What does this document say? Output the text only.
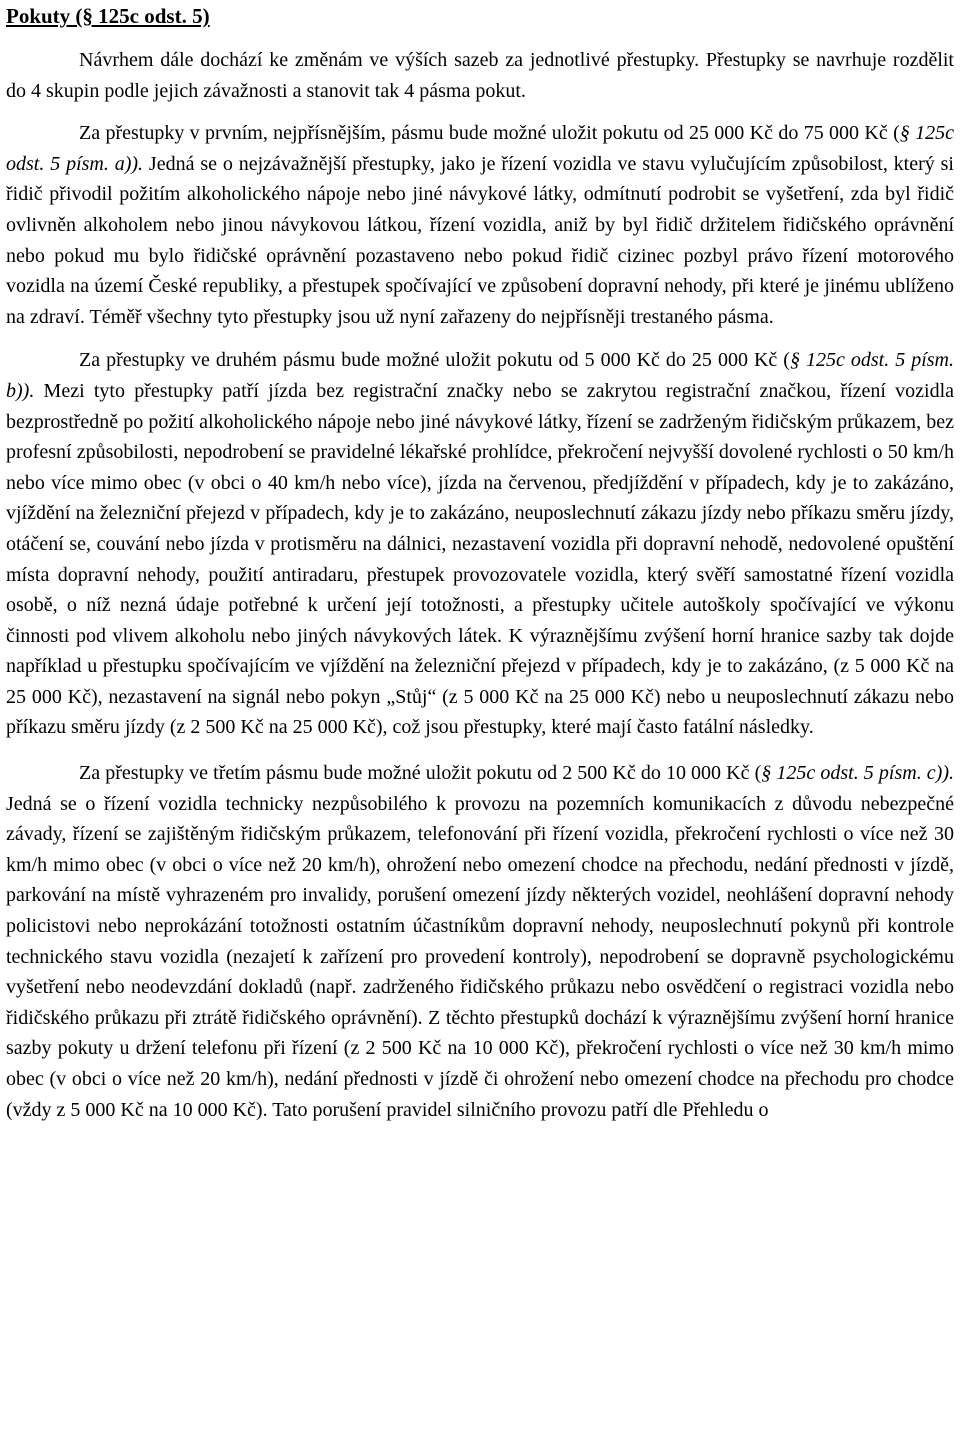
Pokuty (§ 125c odst. 5)

Návrhem dále dochází ke změnám ve výších sazeb za jednotlivé přestupky. Přestupky se navrhuje rozdělit do 4 skupin podle jejich závažnosti a stanovit tak 4 pásma pokut.

Za přestupky v prvním, nejpřísnějším, pásmu bude možné uložit pokutu od 25 000 Kč do 75 000 Kč (§ 125c odst. 5 písm. a)). Jedná se o nejzávažnější přestupky, jako je řízení vozidla ve stavu vylučujícím způsobilost, který si řidič přivodil požitím alkoholického nápoje nebo jiné návykové látky, odmítnutí podrobit se vyšetření, zda byl řidič ovlivněn alkoholem nebo jinou návykovou látkou, řízení vozidla, aniž by byl řidič držitelem řidičského oprávnění nebo pokud mu bylo řidičské oprávnění pozastaveno nebo pokud řidič cizinec pozbyl právo řízení motorového vozidla na území České republiky, a přestupek spočívající ve způsobení dopravní nehody, při které je jinému ublíženo na zdraví. Téměř všechny tyto přestupky jsou už nyní zařazeny do nejpřísněji trestaného pásma.

Za přestupky ve druhém pásmu bude možné uložit pokutu od 5 000 Kč do 25 000 Kč (§ 125c odst. 5 písm. b)). Mezi tyto přestupky patří jízda bez registrační značky nebo se zakrytou registrační značkou, řízení vozidla bezprostředně po požití alkoholického nápoje nebo jiné návykové látky, řízení se zadrženým řidičským průkazem, bez profesní způsobilosti, nepodrobení se pravidelné lékařské prohlídce, překročení nejvyšší dovolené rychlosti o 50 km/h nebo více mimo obec (v obci o 40 km/h nebo více), jízda na červenou, předjíždění v případech, kdy je to zakázáno, vjíždění na železniční přejezd v případech, kdy je to zakázáno, neuposlechnutí zákazu jízdy nebo příkazu směru jízdy, otáčení se, couvání nebo jízda v protisměru na dálnici, nezastavení vozidla při dopravní nehodě, nedovolené opuštění místa dopravní nehody, použití antiradaru, přestupek provozovatele vozidla, který svěří samostatné řízení vozidla osobě, o níž nezná údaje potřebné k určení její totožnosti, a přestupky učitele autoškoly spočívající ve výkonu činnosti pod vlivem alkoholu nebo jiných návykových látek. K výraznějšímu zvýšení horní hranice sazby tak dojde například u přestupku spočívajícím ve vjíždění na železniční přejezd v případech, kdy je to zakázáno, (z 5 000 Kč na 25 000 Kč), nezastavení na signál nebo pokyn „Stůj“ (z 5 000 Kč na 25 000 Kč) nebo u neuposlechnutí zákazu nebo příkazu směru jízdy (z 2 500 Kč na 25 000 Kč), což jsou přestupky, které mají často fatální následky.

Za přestupky ve třetím pásmu bude možné uložit pokutu od 2 500 Kč do 10 000 Kč (§ 125c odst. 5 písm. c)). Jedná se o řízení vozidla technicky nezpůsobilého k provozu na pozemních komunikacích z důvodu nebezpečné závady, řízení se zajištěným řidičským průkazem, telefonování při řízení vozidla, překročení rychlosti o více než 30 km/h mimo obec (v obci o více než 20 km/h), ohrožení nebo omezení chodce na přechodu, nedání přednosti v jízdě, parkování na místě vyhrazeném pro invalidy, porušení omezení jízdy některých vozidel, neohlášení dopravní nehody policistovi nebo neprokázání totožnosti ostatním účastníkům dopravní nehody, neuposlechnutí pokynů při kontrole technického stavu vozidla (nezajetí k zařízení pro provedení kontroly), nepodrobení se dopravně psychologickému vyšetření nebo neodevzdání dokladů (např. zadrženého řidičského průkazu nebo osvědčení o registraci vozidla nebo řidičského průkazu při ztrátě řidičského oprávnění). Z těchto přestupků dochází k výraznějšímu zvýšení horní hranice sazby pokuty u držení telefonu při řízení (z 2 500 Kč na 10 000 Kč), překročení rychlosti o více než 30 km/h mimo obec (v obci o více než 20 km/h), nedání přednosti v jízdě či ohrožení nebo omezení chodce na přechodu pro chodce (vždy z 5 000 Kč na 10 000 Kč). Tato porušení pravidel silničního provozu patří dle Přehledu o
